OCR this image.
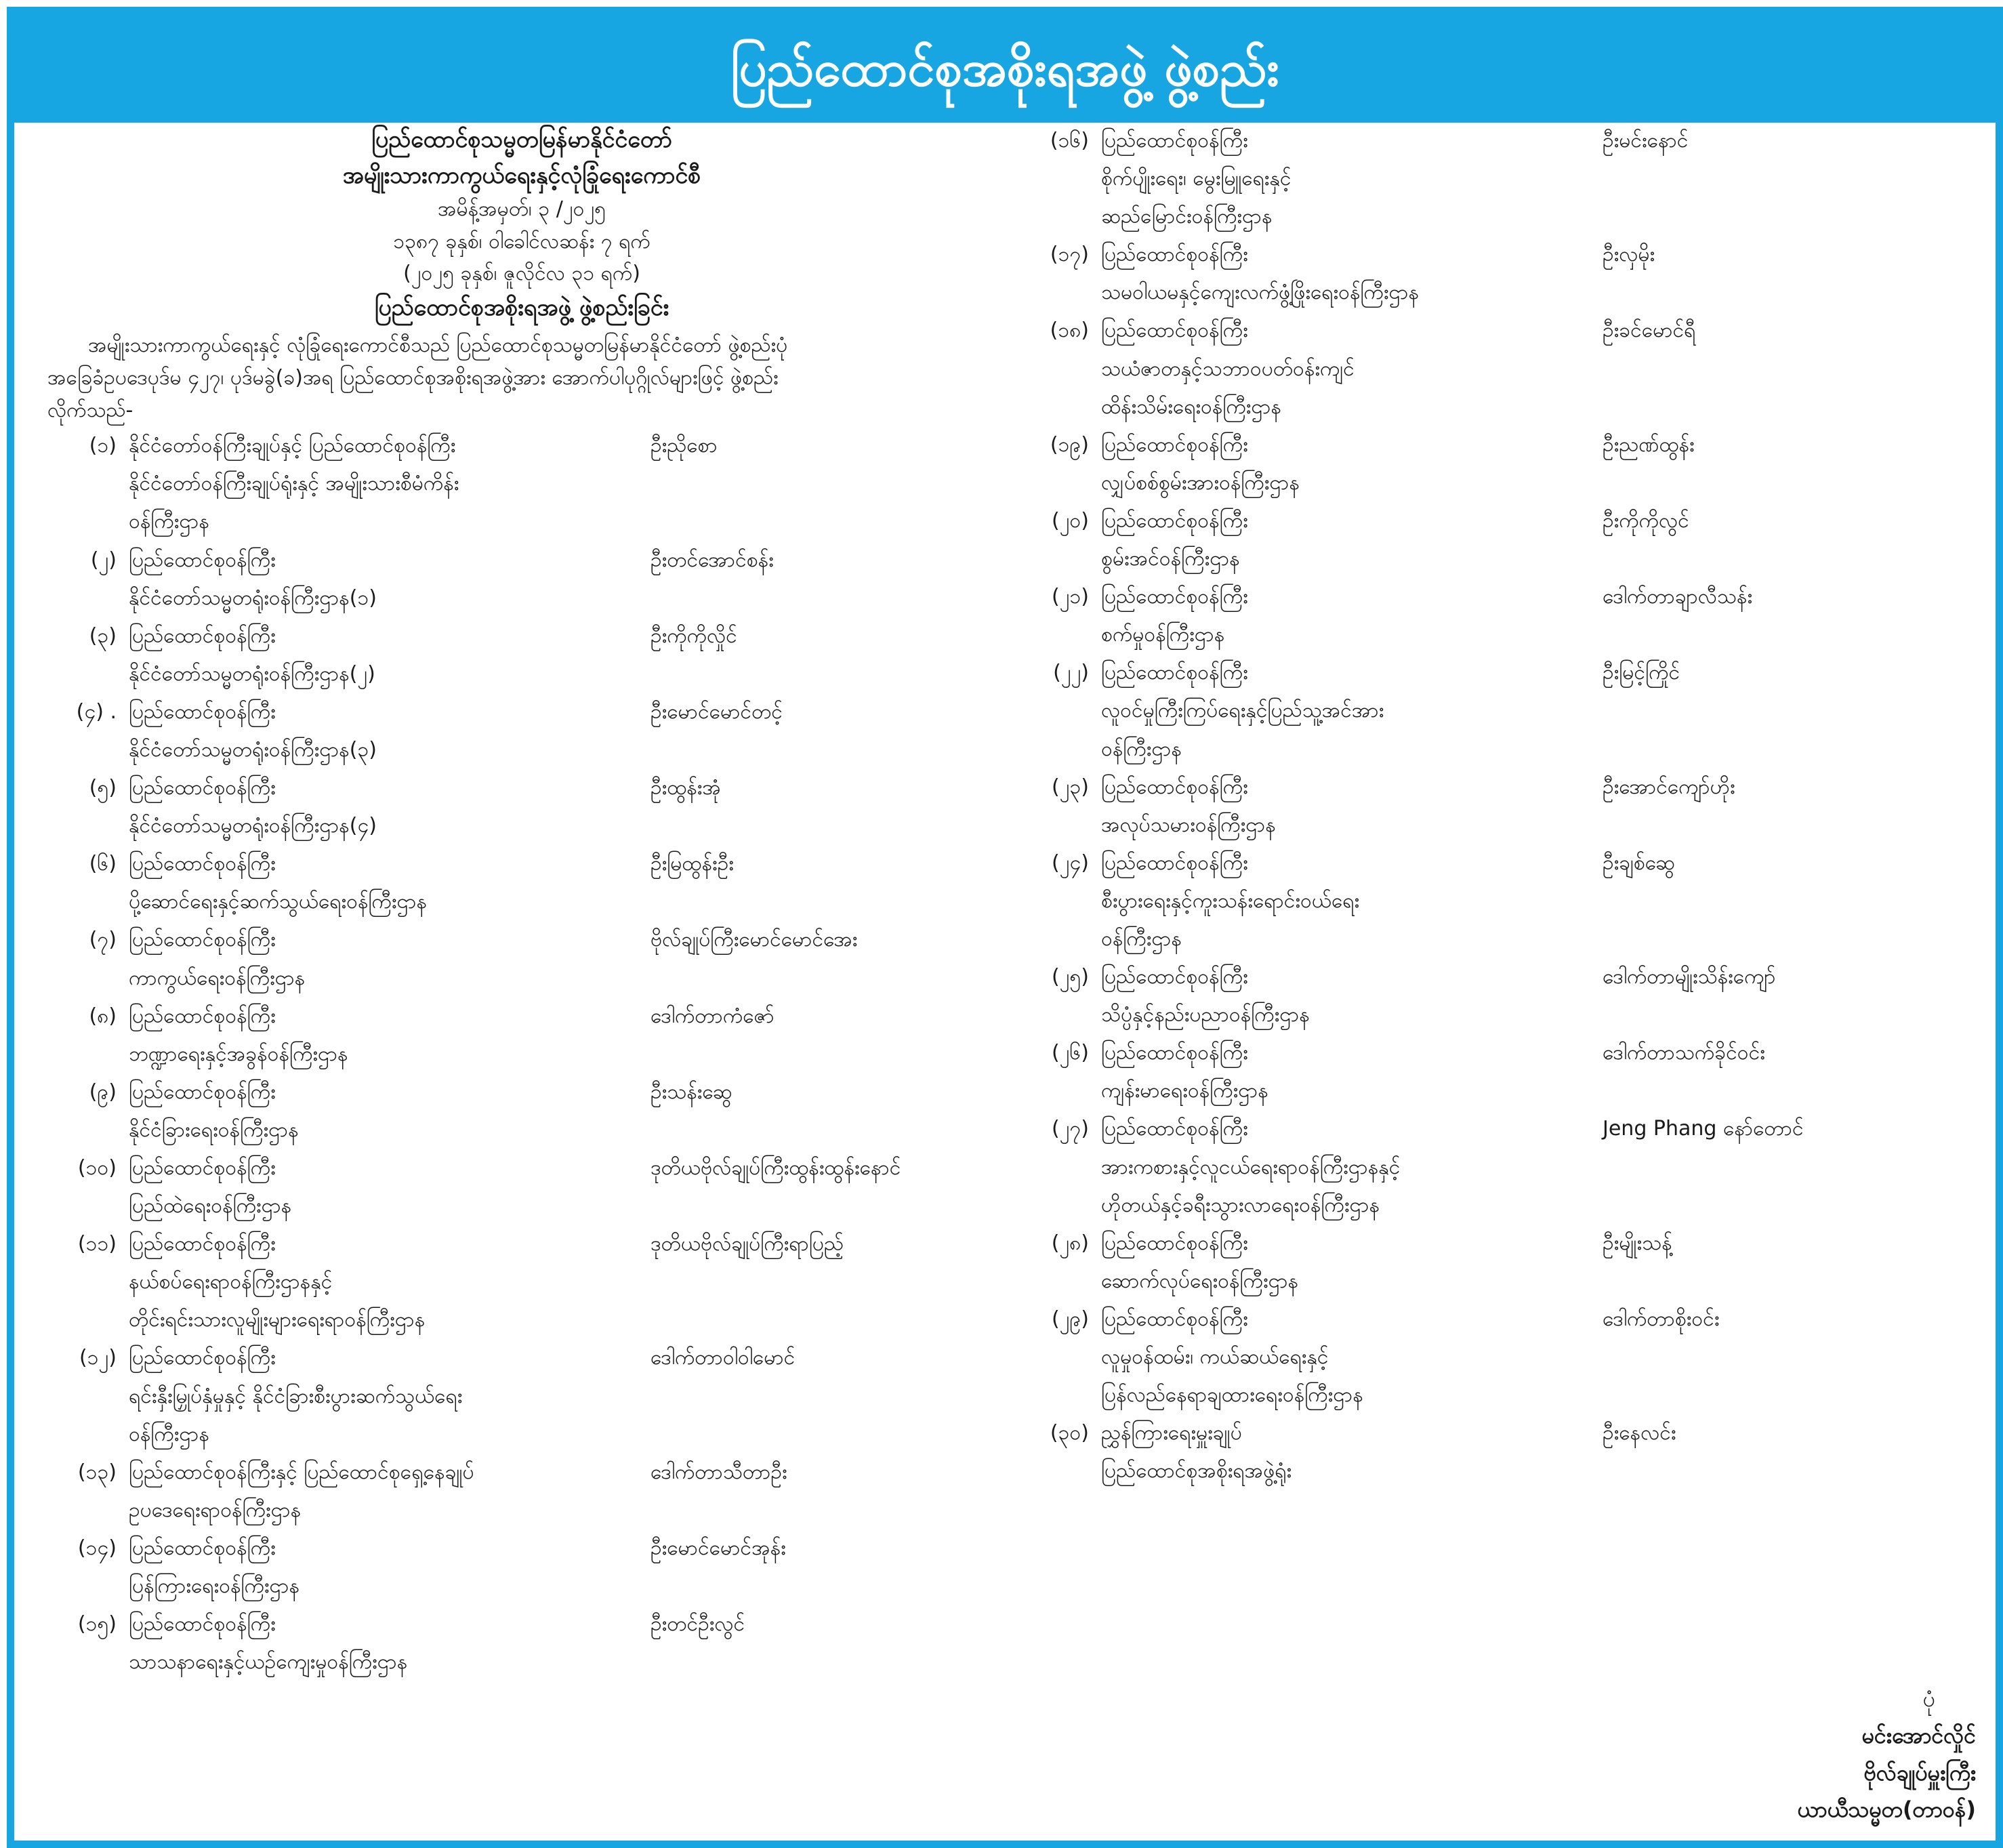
ပြည်ထောင်စုအစိုးရအဖွဲ့ ဖွဲ့စည်း
ပြည်ထောင်စုသမ္မတမြန်မာနိုင်ငံတော်
အမျိုးသားကာကွယ်ရေးနှင့်လုံခြုံရေးကောင်စီ
အမိန့်အမှတ်၊ ၃ /၂၀၂၅
၁၃၈၇ ခုနှစ်၊ ဝါခေါင်လဆန်း ၇ ရက်
(၂၀၂၅ ခုနှစ်၊ ဇူလိုင်လ ၃၁ ရက်)
ပြည်ထောင်စုအစိုးရအဖွဲ့ ဖွဲ့စည်းခြင်း
အမျိုးသားကာကွယ်ရေးနှင့် လုံခြုံရေးကောင်စီသည် ပြည်ထောင်စုသမ္မတမြန်မာနိုင်ငံတော် ဖွဲ့စည်းပုံ
အခြေခံဥပဒေပုဒ်မ ၄၂၇၊ ပုဒ်မခွဲ(ခ)အရ ပြည်ထောင်စုအစိုးရအဖွဲ့အား အောက်ပါပုဂ္ဂိုလ်များဖြင့် ဖွဲ့စည်း
လိုက်သည်-
(၁) နိုင်ငံတော်ဝန်ကြီးချုပ်နှင့် ပြည်ထောင်စုဝန်ကြီး
နိုင်ငံတော်ဝန်ကြီးချုပ်ရုံးနှင့် အမျိုးသားစီမံကိန်း
ဝန်ကြီးဌာန
ဦးညိုစော
(၂) ပြည်ထောင်စုဝန်ကြီး
နိုင်ငံတော်သမ္မတရုံးဝန်ကြီးဌာန(၁)
ဦးတင်အောင်စန်း
(၃) ပြည်ထောင်စုဝန်ကြီး
နိုင်ငံတော်သမ္မတရုံးဝန်ကြီးဌာန(၂)
ဦးကိုကိုလှိုင်
(၄) . ပြည်ထောင်စုဝန်ကြီး
နိုင်ငံတော်သမ္မတရုံးဝန်ကြီးဌာန(၃)
ဦးမောင်မောင်တင့်
(၅) ပြည်ထောင်စုဝန်ကြီး
နိုင်ငံတော်သမ္မတရုံးဝန်ကြီးဌာန(၄)
ဦးထွန်းအုံ
(၆) ပြည်ထောင်စုဝန်ကြီး
ပို့ဆောင်ရေးနှင့်ဆက်သွယ်ရေးဝန်ကြီးဌာန
ဦးမြထွန်းဦး
(၇) ပြည်ထောင်စုဝန်ကြီး
ကာကွယ်ရေးဝန်ကြီးဌာန
ဗိုလ်ချုပ်ကြီးမောင်မောင်အေး
(၈) ပြည်ထောင်စုဝန်ကြီး
ဘဏ္ဍာရေးနှင့်အခွန်ဝန်ကြီးဌာန
ဒေါက်တာကံဇော်
(၉) ပြည်ထောင်စုဝန်ကြီး
နိုင်ငံခြားရေးဝန်ကြီးဌာန
ဦးသန်းဆွေ
(၁၀) ပြည်ထောင်စုဝန်ကြီး
ပြည်ထဲရေးဝန်ကြီးဌာန
ဒုတိယဗိုလ်ချုပ်ကြီးထွန်းထွန်းနောင်
(၁၁) ပြည်ထောင်စုဝန်ကြီး
နယ်စပ်ရေးရာဝန်ကြီးဌာနနှင့်
တိုင်းရင်းသားလူမျိုးများရေးရာဝန်ကြီးဌာန
ဒုတိယဗိုလ်ချုပ်ကြီးရာပြည့်
(၁၂) ပြည်ထောင်စုဝန်ကြီး
ရင်းနှီးမြှုပ်နှံမှုနှင့် နိုင်ငံခြားစီးပွားဆက်သွယ်ရေး
ဝန်ကြီးဌာန
ဒေါက်တာဝါဝါမောင်
(၁၃) ပြည်ထောင်စုဝန်ကြီးနှင့် ပြည်ထောင်စုရှေ့နေချုပ်
ဥပဒေရေးရာဝန်ကြီးဌာန
ဒေါက်တာသီတာဦး
(၁၄) ပြည်ထောင်စုဝန်ကြီး
ပြန်ကြားရေးဝန်ကြီးဌာန
ဦးမောင်မောင်အုန်း
(၁၅) ပြည်ထောင်စုဝန်ကြီး
သာသနာရေးနှင့်ယဉ်ကျေးမှုဝန်ကြီးဌာန
ဦးတင်ဦးလွင်
(၁၆) ပြည်ထောင်စုဝန်ကြီး
စိုက်ပျိုးရေး၊ မွေးမြူရေးနှင့်
ဆည်မြောင်းဝန်ကြီးဌာန
ဦးမင်းနောင်
(၁၇) ပြည်ထောင်စုဝန်ကြီး
သမဝါယမနှင့်ကျေးလက်ဖွံ့ဖြိုးရေးဝန်ကြီးဌာန
ဦးလှမိုး
(၁၈) ပြည်ထောင်စုဝန်ကြီး
သယံဇာတနှင့်သဘာဝပတ်ဝန်းကျင်
ထိန်းသိမ်းရေးဝန်ကြီးဌာန
ဦးခင်မောင်ရီ
(၁၉) ပြည်ထောင်စုဝန်ကြီး
လျှပ်စစ်စွမ်းအားဝန်ကြီးဌာန
ဦးညဏ်ထွန်း
(၂၀) ပြည်ထောင်စုဝန်ကြီး
စွမ်းအင်ဝန်ကြီးဌာန
ဦးကိုကိုလွင်
(၂၁) ပြည်ထောင်စုဝန်ကြီး
စက်မှုဝန်ကြီးဌာန
ဒေါက်တာချာလီသန်း
(၂၂) ပြည်ထောင်စုဝန်ကြီး
လူဝင်မှုကြီးကြပ်ရေးနှင့်ပြည်သူ့အင်အား
ဝန်ကြီးဌာန
ဦးမြင့်ကြိုင်
(၂၃) ပြည်ထောင်စုဝန်ကြီး
အလုပ်သမားဝန်ကြီးဌာန
ဦးအောင်ကျော်ဟိုး
(၂၄) ပြည်ထောင်စုဝန်ကြီး
စီးပွားရေးနှင့်ကူးသန်းရောင်းဝယ်ရေး
ဝန်ကြီးဌာန
ဦးချစ်ဆွေ
(၂၅) ပြည်ထောင်စုဝန်ကြီး
သိပ္ပံနှင့်နည်းပညာဝန်ကြီးဌာန
ဒေါက်တာမျိုးသိန်းကျော်
(၂၆) ပြည်ထောင်စုဝန်ကြီး
ကျန်းမာရေးဝန်ကြီးဌာန
ဒေါက်တာသက်ခိုင်ဝင်း
(၂၇) ပြည်ထောင်စုဝန်ကြီး
အားကစားနှင့်လူငယ်ရေးရာဝန်ကြီးဌာနနှင့်
ဟိုတယ်နှင့်ခရီးသွားလာရေးဝန်ကြီးဌာန
Jeng Phang နော်တောင်
(၂၈) ပြည်ထောင်စုဝန်ကြီး
ဆောက်လုပ်ရေးဝန်ကြီးဌာန
ဦးမျိုးသန့်
(၂၉) ပြည်ထောင်စုဝန်ကြီး
လူမှုဝန်ထမ်း၊ ကယ်ဆယ်ရေးနှင့်
ပြန်လည်နေရာချထားရေးဝန်ကြီးဌာန
ဒေါက်တာစိုးဝင်း
(၃၀) ညွှန်ကြားရေးမှူးချုပ်
ပြည်ထောင်စုအစိုးရအဖွဲ့ရုံး
ဦးနေလင်း
ပုံ
မင်းအောင်လှိုင်
ဗိုလ်ချုပ်မှူးကြီး
ယာယီသမ္မတ(တာဝန်)
